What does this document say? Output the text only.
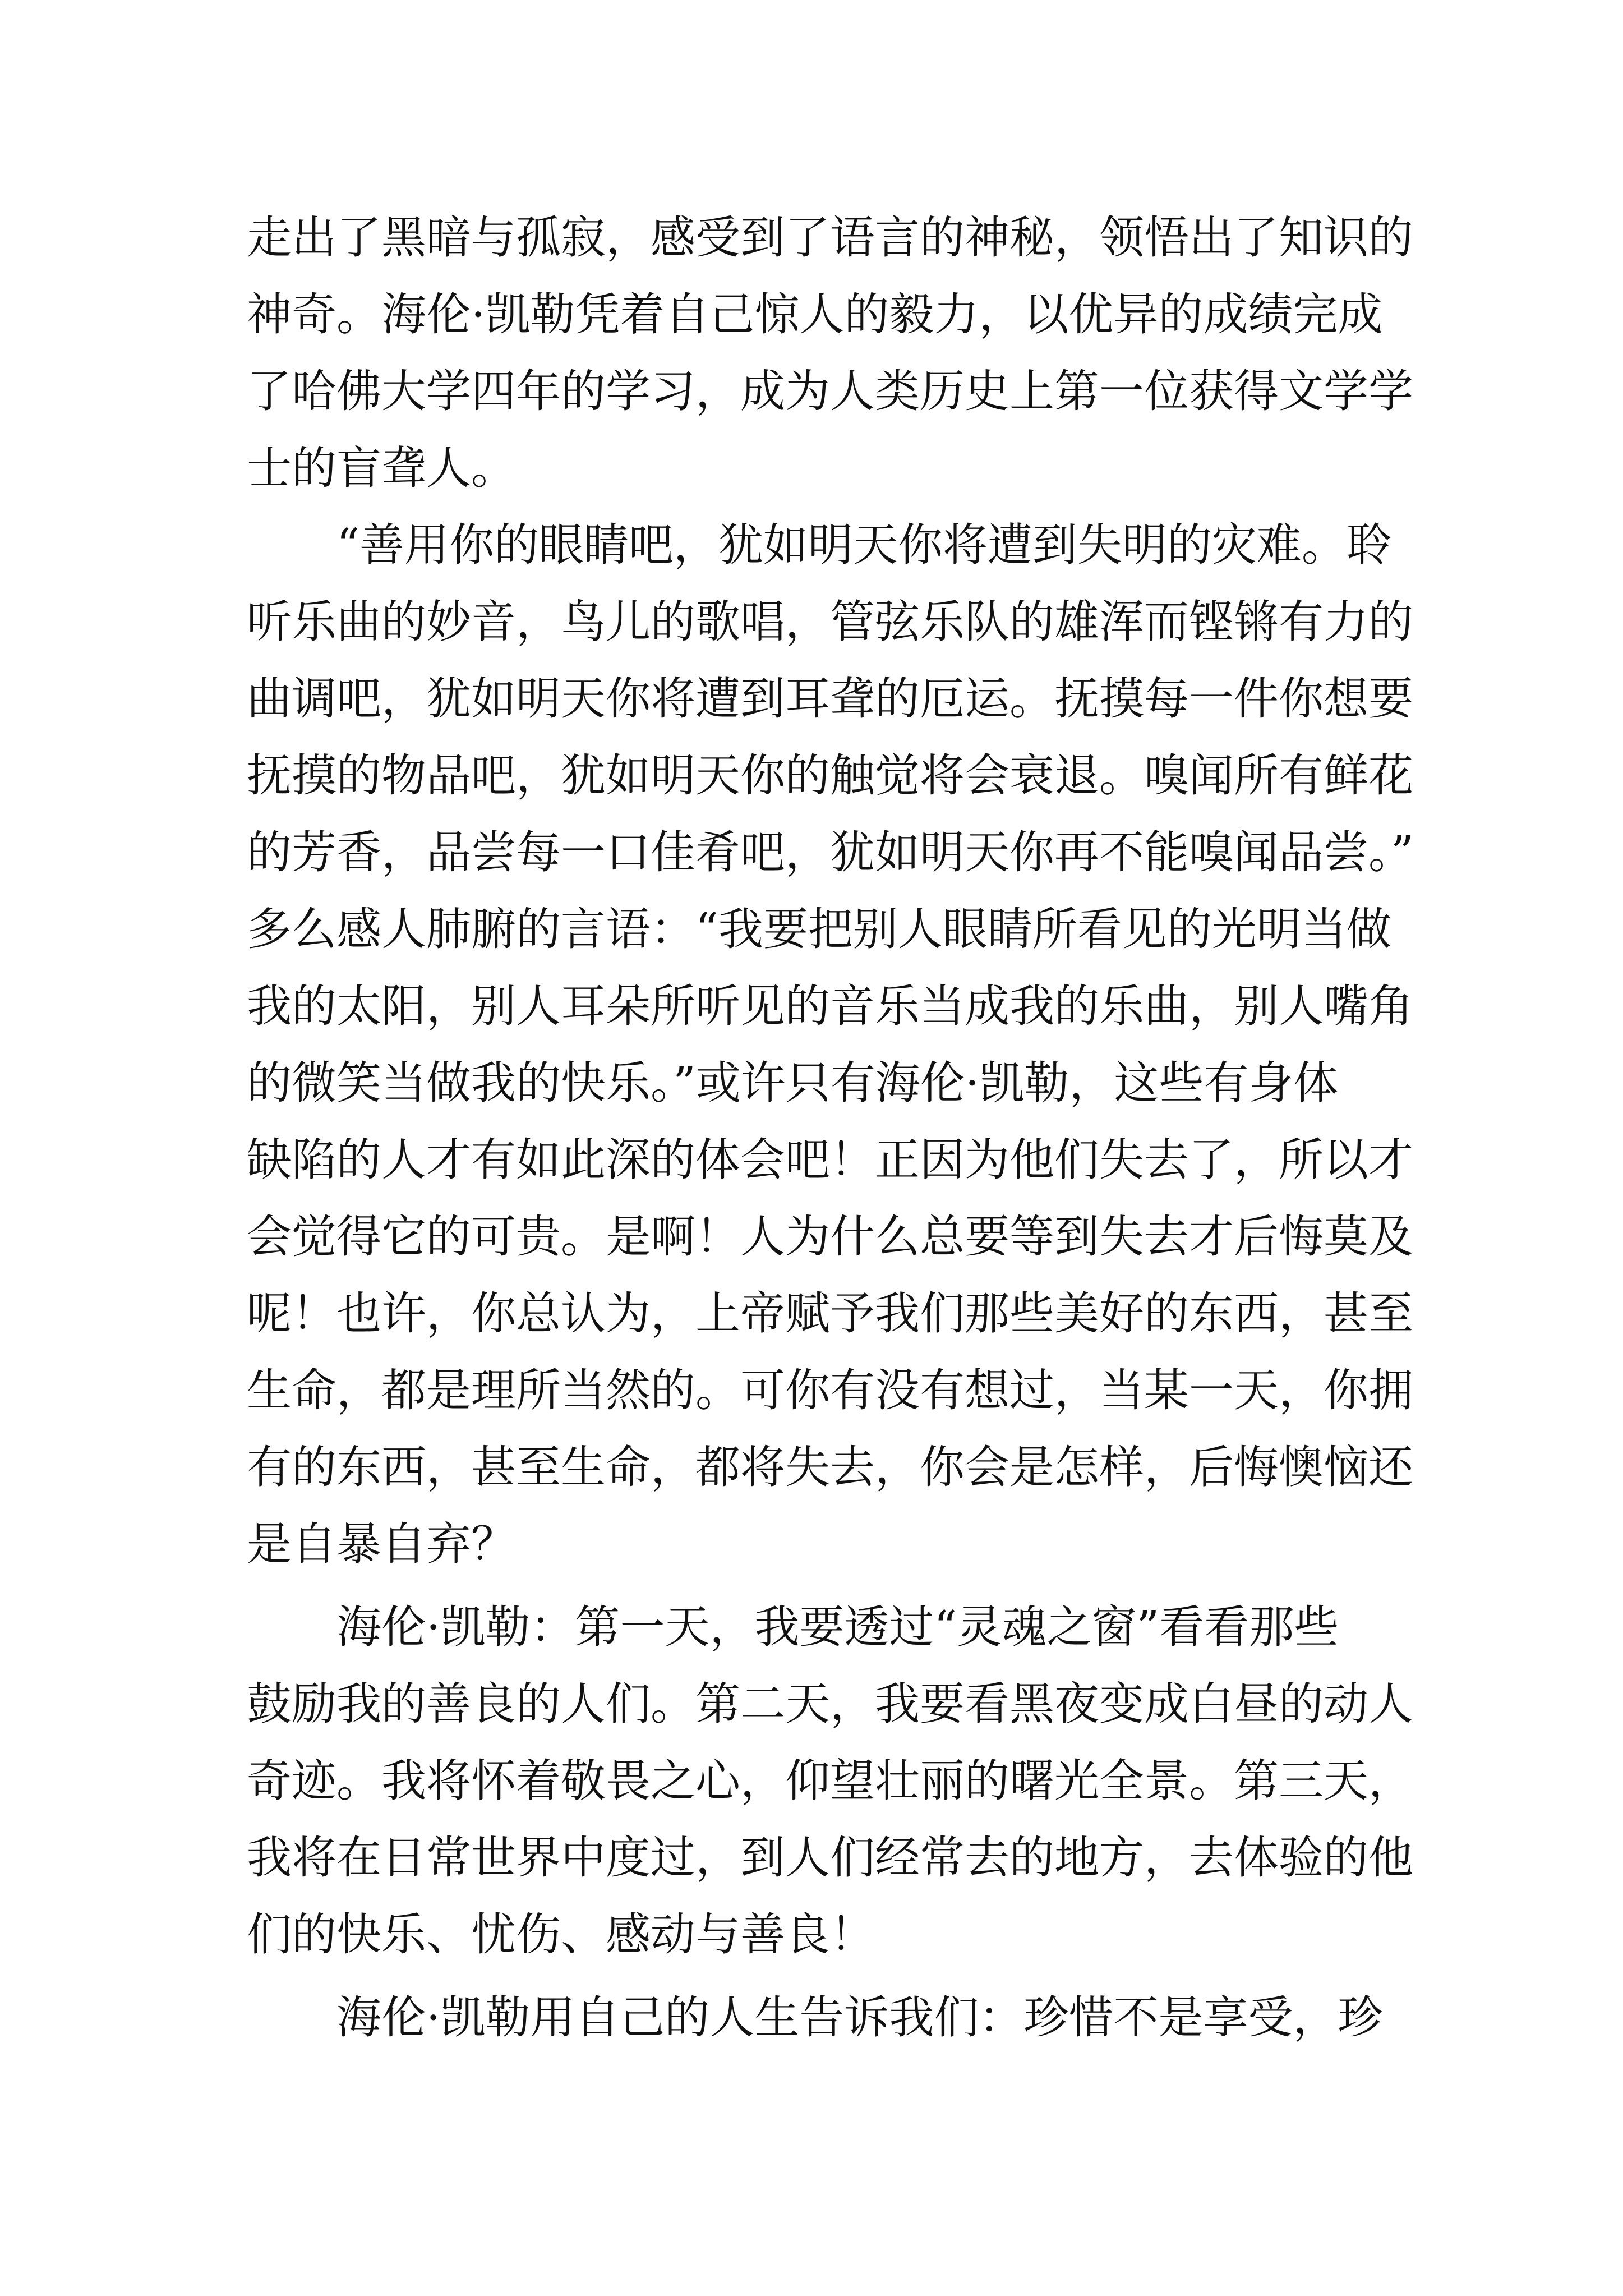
走出了黑暗与孤寂，感受到了语言的神秘，领悟出了知识的
神奇。海伦·凯勒凭着自己惊人的毅力，以优异的成绩完成
了哈佛大学四年的学习，成为人类历史上第一位获得文学学
士的盲聋人。
“善用你的眼睛吧，犹如明天你将遭到失明的灾难。聆
听乐曲的妙音，鸟儿的歌唱，管弦乐队的雄浑而铿锵有力的
曲调吧，犹如明天你将遭到耳聋的厄运。抚摸每一件你想要
抚摸的物品吧，犹如明天你的触觉将会衰退。嗅闻所有鲜花
的芳香，品尝每一口佳肴吧，犹如明天你再不能嗅闻品尝。”
多么感人肺腑的言语：“我要把别人眼睛所看见的光明当做
我的太阳，别人耳朵所听见的音乐当成我的乐曲，别人嘴角
的微笑当做我的快乐。”或许只有海伦·凯勒，这些有身体
缺陷的人才有如此深的体会吧！正因为他们失去了，所以才
会觉得它的可贵。是啊！人为什么总要等到失去才后悔莫及
呢！也许，你总认为，上帝赋予我们那些美好的东西，甚至
生命，都是理所当然的。可你有没有想过，当某一天，你拥
有的东西，甚至生命，都将失去，你会是怎样，后悔懊恼还
是自暴自弃？
海伦·凯勒：第一天，我要透过“灵魂之窗”看看那些
鼓励我的善良的人们。第二天，我要看黑夜变成白昼的动人
奇迹。我将怀着敬畏之心，仰望壮丽的曙光全景。第三天，
我将在日常世界中度过，到人们经常去的地方，去体验的他
们的快乐、忧伤、感动与善良！
海伦·凯勒用自己的人生告诉我们：珍惜不是享受，珍
